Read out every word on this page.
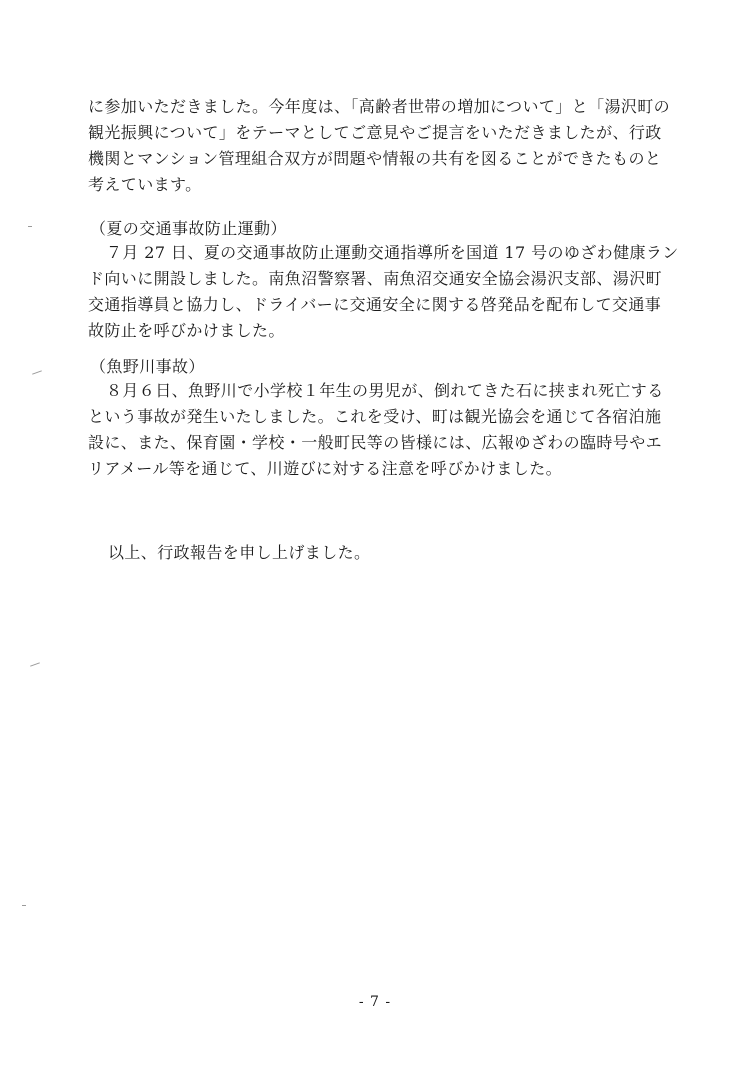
に参加いただきました。今年度は、「高齢者世帯の増加について」と「湯沢町の
観光振興について」をテーマとしてご意見やご提言をいただきましたが、行政
機関とマンション管理組合双方が問題や情報の共有を図ることができたものと
考えています。
（夏の交通事故防止運動）
７月 27 日、夏の交通事故防止運動交通指導所を国道 17 号のゆざわ健康ラン
ド向いに開設しました。南魚沼警察署、南魚沼交通安全協会湯沢支部、湯沢町
交通指導員と協力し、ドライバーに交通安全に関する啓発品を配布して交通事
故防止を呼びかけました。
（魚野川事故）
８月６日、魚野川で小学校１年生の男児が、倒れてきた石に挟まれ死亡する
という事故が発生いたしました。これを受け、町は観光協会を通じて各宿泊施
設に、また、保育園・学校・一般町民等の皆様には、広報ゆざわの臨時号やエ
リアメール等を通じて、川遊びに対する注意を呼びかけました。
以上、行政報告を申し上げました。
- 7 -
